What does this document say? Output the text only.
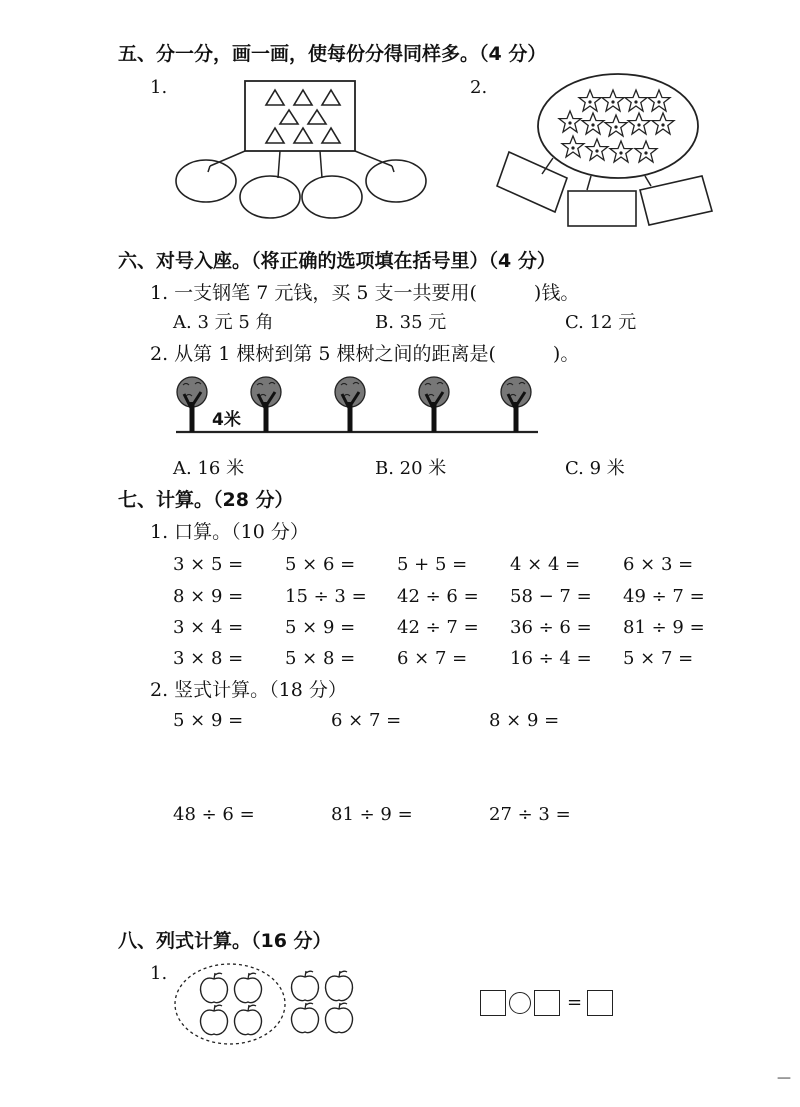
五、分一分，画一画，使每份分得同样多。（4 分）
1.	2.
六、对号入座。（将正确的选项填在括号里）（4 分）
1. 一支钢笔 7 元钱，买 5 支一共要用(　　　)钱。
A. 3 元 5 角	B. 35 元	C. 12 元
2. 从第 1 棵树到第 5 棵树之间的距离是(　　　)。
4米
A. 16 米	B. 20 米	C. 9 米
七、计算。（28 分）
1. 口算。（10 分）
3 × 5 = 5 × 6 = 5 + 5 = 4 × 4 = 6 × 3 =
8 × 9 = 15 ÷ 3 = 42 ÷ 6 = 58 − 7 = 49 ÷ 7 =
3 × 4 = 5 × 9 = 42 ÷ 7 = 36 ÷ 6 = 81 ÷ 9 =
3 × 8 = 5 × 8 = 6 × 7 = 16 ÷ 4 = 5 × 7 =
2. 竖式计算。（18 分）
5 × 9 =	6 × 7 =	8 × 9 =
48 ÷ 6 =	81 ÷ 9 =	27 ÷ 3 =
八、列式计算。（16 分）
1.
=
—
